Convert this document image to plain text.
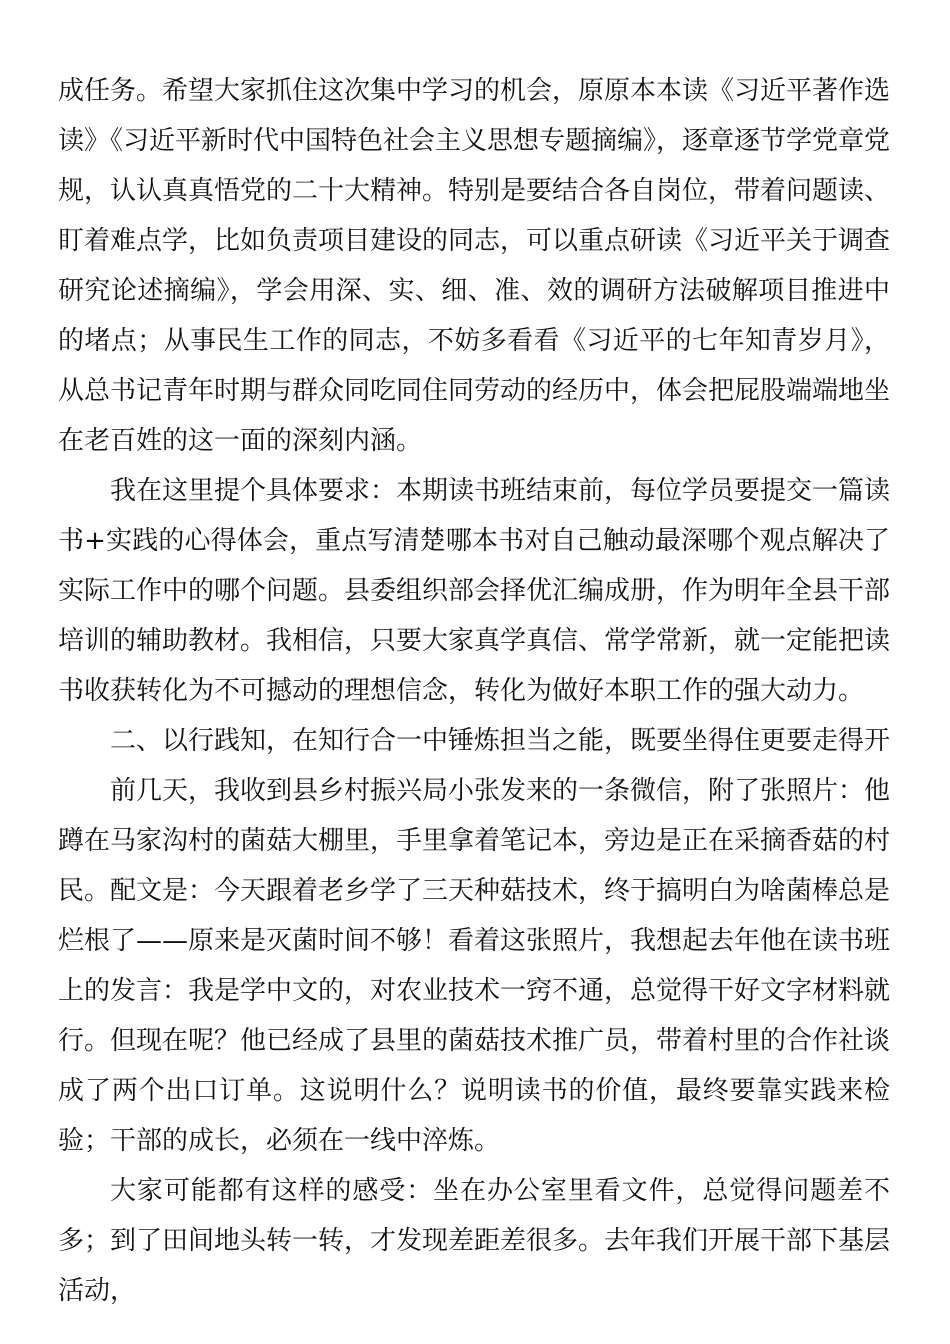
成任务。希望大家抓住这次集中学习的机会，原原本本读《习近平著作选读》《习近平新时代中国特色社会主义思想专题摘编》，逐章逐节学党章党规，认认真真悟党的二十大精神。特别是要结合各自岗位，带着问题读、盯着难点学，比如负责项目建设的同志，可以重点研读《习近平关于调查研究论述摘编》，学会用深、实、细、准、效的调研方法破解项目推进中的堵点；从事民生工作的同志，不妨多看看《习近平的七年知青岁月》，从总书记青年时期与群众同吃同住同劳动的经历中，体会把屁股端端地坐在老百姓的这一面的深刻内涵。

我在这里提个具体要求：本期读书班结束前，每位学员要提交一篇读书+实践的心得体会，重点写清楚哪本书对自己触动最深哪个观点解决了实际工作中的哪个问题。县委组织部会择优汇编成册，作为明年全县干部培训的辅助教材。我相信，只要大家真学真信、常学常新，就一定能把读书收获转化为不可撼动的理想信念，转化为做好本职工作的强大动力。

二、以行践知，在知行合一中锤炼担当之能，既要坐得住更要走得开

前几天，我收到县乡村振兴局小张发来的一条微信，附了张照片：他蹲在马家沟村的菌菇大棚里，手里拿着笔记本，旁边是正在采摘香菇的村民。配文是：今天跟着老乡学了三天种菇技术，终于搞明白为啥菌棒总是烂根了——原来是灭菌时间不够！看着这张照片，我想起去年他在读书班上的发言：我是学中文的，对农业技术一窍不通，总觉得干好文字材料就行。但现在呢？他已经成了县里的菌菇技术推广员，带着村里的合作社谈成了两个出口订单。这说明什么？说明读书的价值，最终要靠实践来检验；干部的成长，必须在一线中淬炼。

大家可能都有这样的感受：坐在办公室里看文件，总觉得问题差不多；到了田间地头转一转，才发现差距差很多。去年我们开展干部下基层活动，
